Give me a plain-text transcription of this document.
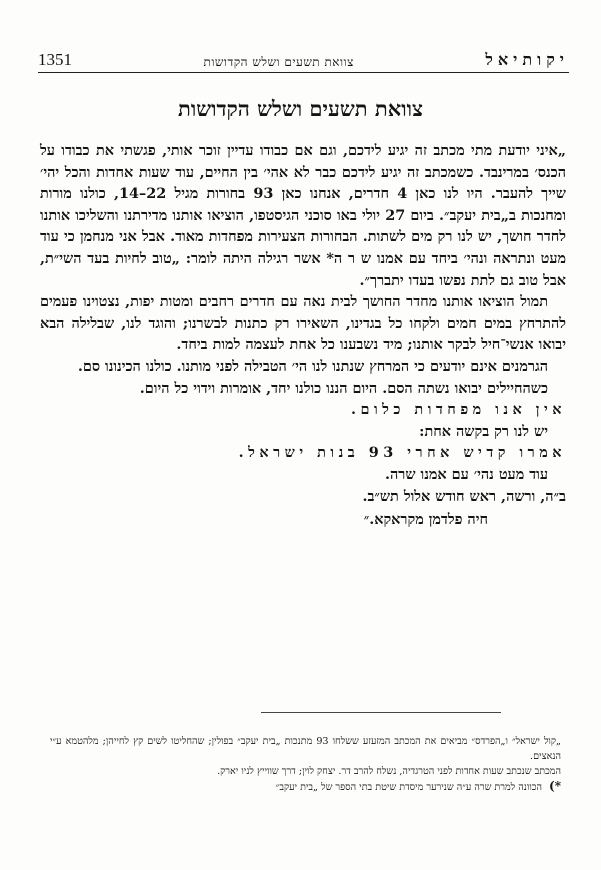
1351	צוואת תשעים ושלש הקדושות	יקותיאל
צוואת תשעים ושלש הקדושות

„איני יודעת מתי מכתב זה יגיע לידכם, וגם אם כבודו עדיין זוכר אותי, פגשתי את כבודו על הכנס׳ במרינבד. כשמכתב זה יגיע לידכם כבר לא אהי׳ בין החיים, עוד שעות אחדות והכל יהי׳ שייך להעבר. היו לנו כאן 4 חדרים, אנחנו כאן 93 בחורות מגיל 22–14, כולנו מורות ומחנכות ב„בית יעקב״. ביום 27 יולי באו סוכני הגיסטפו, הוציאו אותנו מדירתנו והשליכו אותנו לחדר חושך, יש לנו רק מים לשתות. הבחורות הצעירות מפחדות מאוד. אבל אני מנחמן כי עוד מעט ונתראה ונהי׳ ביחד עם אמנו ש ר ה* אשר רגילה היתה לומר: „טוב לחיות בעד השי״ת, אבל טוב גם לתת נפשו בעדו יתברך״.

תמול הוציאו אותנו מחדר החושך לבית נאה עם חדרים רחבים ומטות יפות, נצטוינו פעמים להתרחץ במים חמים ולקחו כל בגדינו, השאירו רק כתנות לבשרנו; והוגד לנו, שבלילה הבא יבואו אנשי־חיל לבקר אותנו; מיד נשבענו כל אחת לעצמה למות ביחד.

הגרמנים אינם יודעים כי המרחץ שנתנו לנו הי׳ הטבילה לפני מותנו. כולנו הכינונו סם.

כשהחיילים יבואו נשתה הסם. היום הננו כולנו יחד, אומרות וידוי כל היום.

אין אנו מפחדות כלום.

יש לנו רק בקשה אחת:

אמרו קדיש אחרי 93 בנות ישראל.

עוד מעט נהי׳ עם אמנו שרה.

ב״ה, ורשה, ראש חודש אלול תש״ב.

חיה פלדמן מקראקא.״

„קול ישראל״ ו„הפרדס״ מביאים את המכתב המזעזע ששלחו 93 מתנכות „בית יעקב״ בפולין; שהחליטו לשים קץ לחייהן; מלהטמא ע״י הנאצים.

המכתב שנכתב שעות אחדות לפני הטרגדיה, נשלח להרב דר. יצחק לוין; דרך שווייץ לניו יארק.

*) הכוונה למרת שרה ע״ה שנירער מיסדת שיטת בתי הספר של „בית יעקב״
